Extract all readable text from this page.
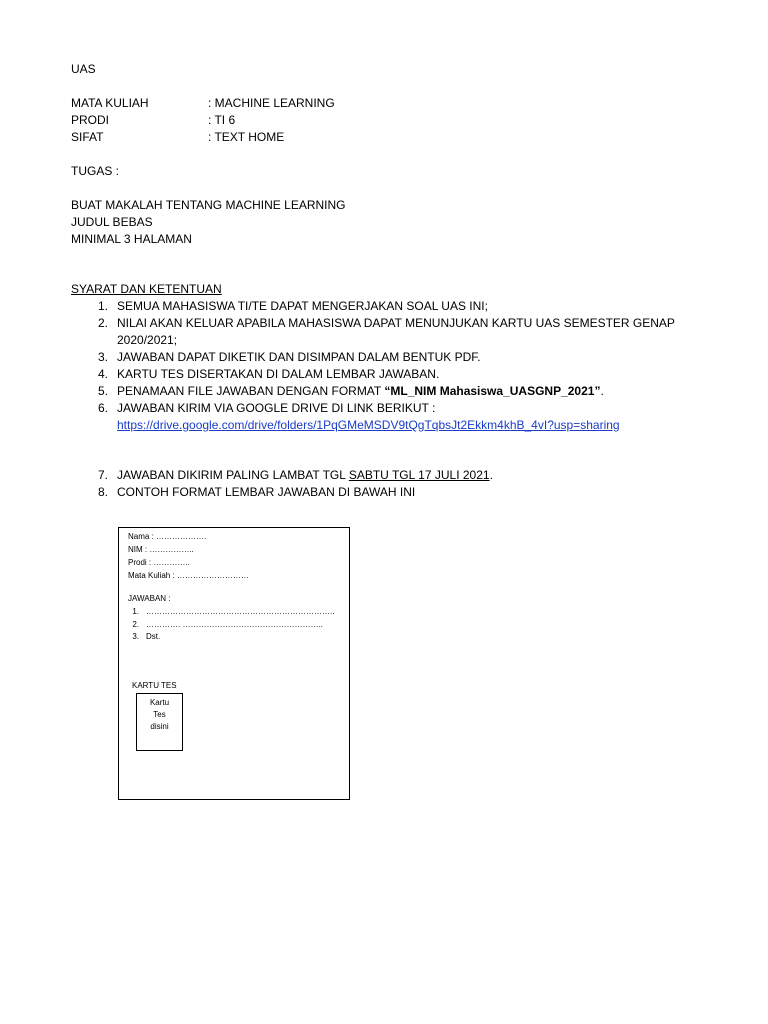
UAS
MATA KULIAH	: MACHINE LEARNING
PRODI	: TI 6
SIFAT	: TEXT HOME
TUGAS :
BUAT MAKALAH TENTANG MACHINE LEARNING
JUDUL BEBAS
MINIMAL 3 HALAMAN
SYARAT DAN KETENTUAN
1. SEMUA MAHASISWA TI/TE DAPAT MENGERJAKAN SOAL UAS INI;
2. NILAI AKAN KELUAR APABILA MAHASISWA DAPAT MENUNJUKAN KARTU UAS SEMESTER GENAP
2020/2021;
3. JAWABAN DAPAT DIKETIK DAN DISIMPAN DALAM BENTUK PDF.
4. KARTU TES DISERTAKAN DI DALAM LEMBAR JAWABAN.
5. PENAMAAN FILE JAWABAN DENGAN FORMAT “ML_NIM Mahasiswa_UASGNP_2021”.
6. JAWABAN KIRIM VIA GOOGLE DRIVE DI LINK BERIKUT :
https://drive.google.com/drive/folders/1PqGMeMSDV9tQgTqbsJt2Ekkm4khB_4vI?usp=sharing
7. JAWABAN DIKIRIM PALING LAMBAT TGL SABTU TGL 17 JULI 2021.
8. CONTOH FORMAT LEMBAR JAWABAN DI BAWAH INI
Nama : ……………….
NIM : ……………..
Prodi : …………..
Mata Kuliah : ………………………
JAWABAN :
1. ……………………………………………………………..
2. …………. ……………………………………………..
3. Dst.
KARTU TES
Kartu
Tes
disini
